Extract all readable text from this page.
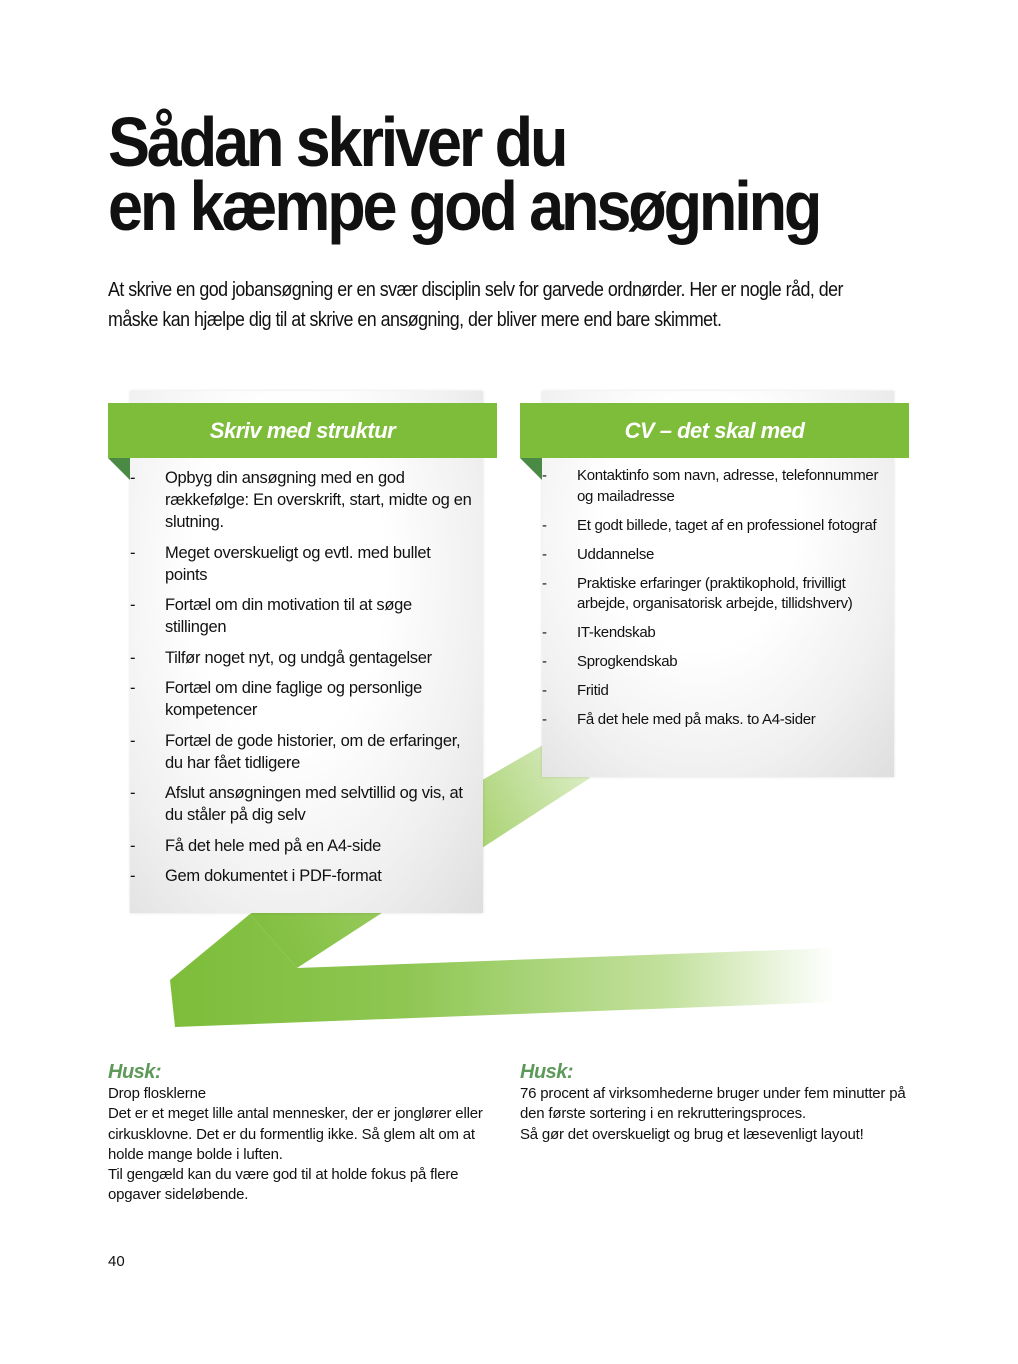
Sådan skriver du
en kæmpe god ansøgning

At skrive en god jobansøgning er en svær disciplin selv for garvede ordnørder. Her er nogle råd, der måske kan hjælpe dig til at skrive en ansøgning, der bliver mere end bare skimmet.

Skriv med struktur
- Opbyg din ansøgning med en god rækkefølge: En overskrift, start, midte og en slutning.
- Meget overskueligt og evtl. med bullet points
- Fortæl om din motivation til at søge stillingen
- Tilfør noget nyt, og undgå gentagelser
- Fortæl om dine faglige og personlige kompetencer
- Fortæl de gode historier, om de erfaringer, du har fået tidligere
- Afslut ansøgningen med selvtillid og vis, at du ståler på dig selv
- Få det hele med på en A4-side
- Gem dokumentet i PDF-format
CV – det skal med
- Kontaktinfo som navn, adresse, telefonnummer og mailadresse
- Et godt billede, taget af en professionel fotograf
- Uddannelse
- Praktiske erfaringer (praktikophold, frivilligt arbejde, organisatorisk arbejde, tillidshverv)
- IT-kendskab
- Sprogkendskab
- Fritid
- Få det hele med på maks. to A4-sider
Husk:

Drop flosklerne

Det er et meget lille antal mennesker, der er jonglører eller cirkusklovne. Det er du formentlig ikke. Så glem alt om at holde mange bolde i luften.

Til gengæld kan du være god til at holde fokus på flere opgaver sideløbende.

Husk:

76 procent af virksomhederne bruger under fem minutter på den første sortering i en rekrutteringsproces.

Så gør det overskueligt og brug et læsevenligt layout!

40
